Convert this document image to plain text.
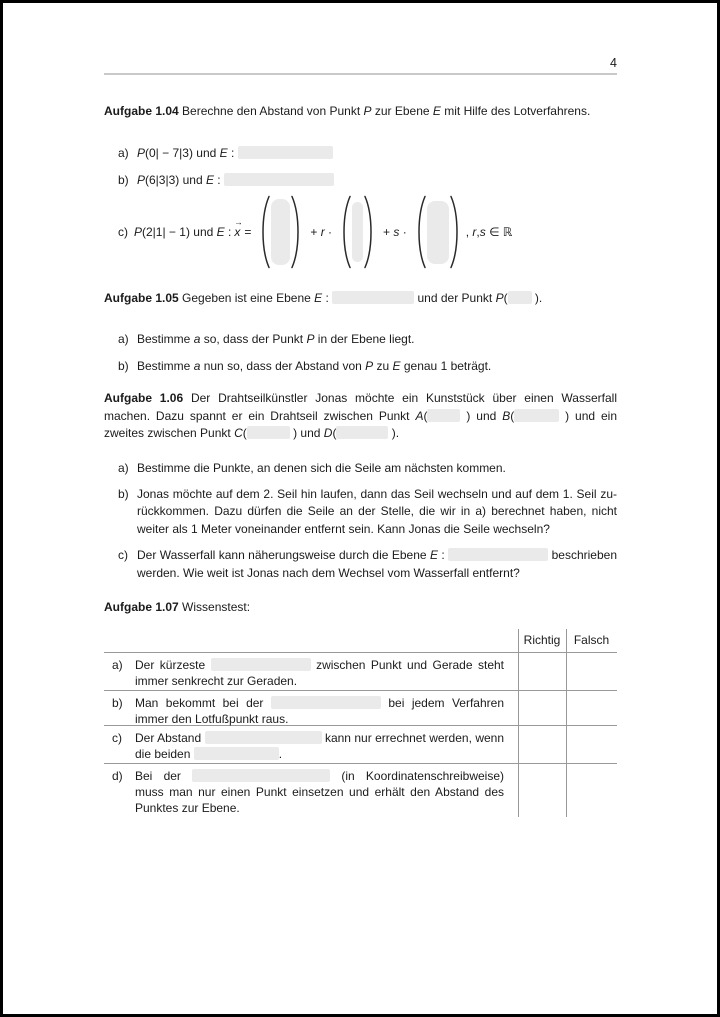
4

Aufgabe 1.04 Berechne den Abstand von Punkt P zur Ebene E mit Hilfe des Lotverfahrens.

a) P(0| − 7|3) und E :
b) P(6|3|3) und E :
c) P(2|1| − 1) und E : x
→
=	+ r ·	+ s ·	, r,s ∈ ℝ

Aufgabe 1.05 Gegeben ist eine Ebene E :	und der Punkt P( ).

a) Bestimme a so, dass der Punkt P in der Ebene liegt.
b) Bestimme a nun so, dass der Abstand von P zu E genau 1 beträgt.

Aufgabe 1.06 Der Drahtseilkünstler Jonas möchte ein Kunststück über einen Wasserfall machen. Dazu spannt er ein Drahtseil zwischen Punkt A(	) und B(	) und ein zweites zwischen Punkt C(	) und D(	).

a) Bestimme die Punkte, an denen sich die Seile am nächsten kommen.
b) Jonas möchte auf dem 2. Seil hin laufen, dann das Seil wechseln und auf dem 1. Seil zurückkommen. Dazu dürfen die Seile an der Stelle, die wir in a) berechnet haben, nicht weiter als 1 Meter voneinander entfernt sein. Kann Jonas die Seile wechseln?
c) Der Wasserfall kann näherungsweise durch die Ebene E :	beschrieben werden. Wie weit ist Jonas nach dem Wechsel vom Wasserfall entfernt?

Aufgabe 1.07 Wissenstest:

Richtig	Falsch
a) Der kürzeste	zwischen Punkt und Gerade steht immer senkrecht zur Geraden.
b) Man bekommt bei der	bei jedem Verfahren immer den Lotfußpunkt raus.
c) Der Abstand	kann nur errechnet werden, wenn die beiden	.
d) Bei der	(in Koordinatenschreibweise) muss man nur einen Punkt einsetzen und erhält den Abstand des Punktes zur Ebene.
